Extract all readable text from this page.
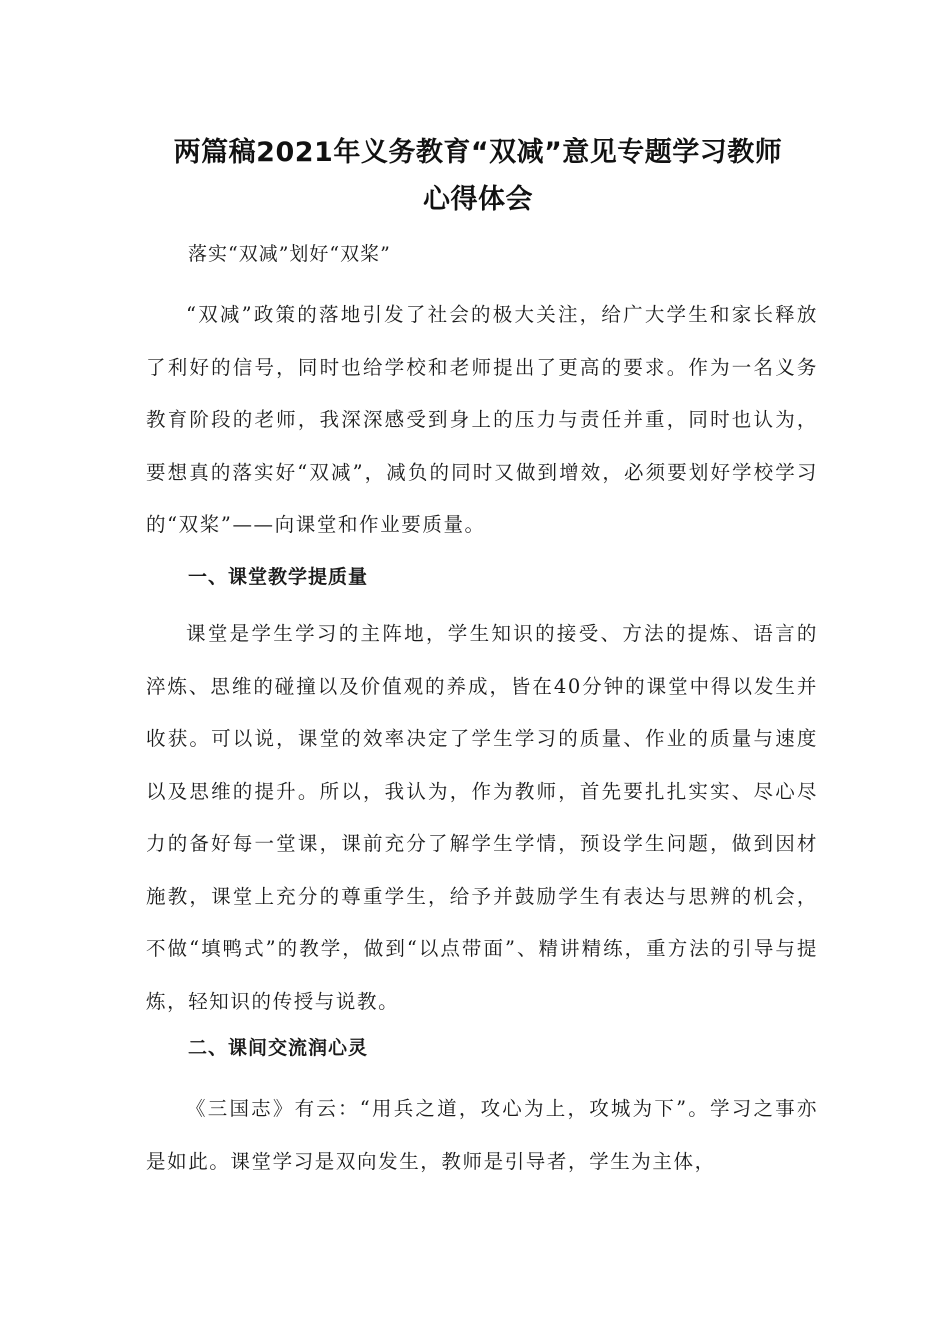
两篇稿2021年义务教育“双减”意见专题学习教师
心得体会
落实“双减”划好“双桨”

“双减”政策的落地引发了社会的极大关注，给广大学生和家长释放了利好的信号，同时也给学校和老师提出了更高的要求。作为一名义务教育阶段的老师，我深深感受到身上的压力与责任并重，同时也认为，要想真的落实好“双减”，减负的同时又做到增效，必须要划好学校学习的“双桨”——向课堂和作业要质量。

一、课堂教学提质量

课堂是学生学习的主阵地，学生知识的接受、方法的提炼、语言的淬炼、思维的碰撞以及价值观的养成，皆在40分钟的课堂中得以发生并收获。可以说，课堂的效率决定了学生学习的质量、作业的质量与速度以及思维的提升。所以，我认为，作为教师，首先要扎扎实实、尽心尽力的备好每一堂课，课前充分了解学生学情，预设学生问题，做到因材施教，课堂上充分的尊重学生，给予并鼓励学生有表达与思辨的机会，不做“填鸭式”的教学，做到“以点带面”、精讲精练，重方法的引导与提炼，轻知识的传授与说教。

二、课间交流润心灵

《三国志》有云：“用兵之道，攻心为上，攻城为下”。学习之事亦是如此。课堂学习是双向发生，教师是引导者，学生为主体，
